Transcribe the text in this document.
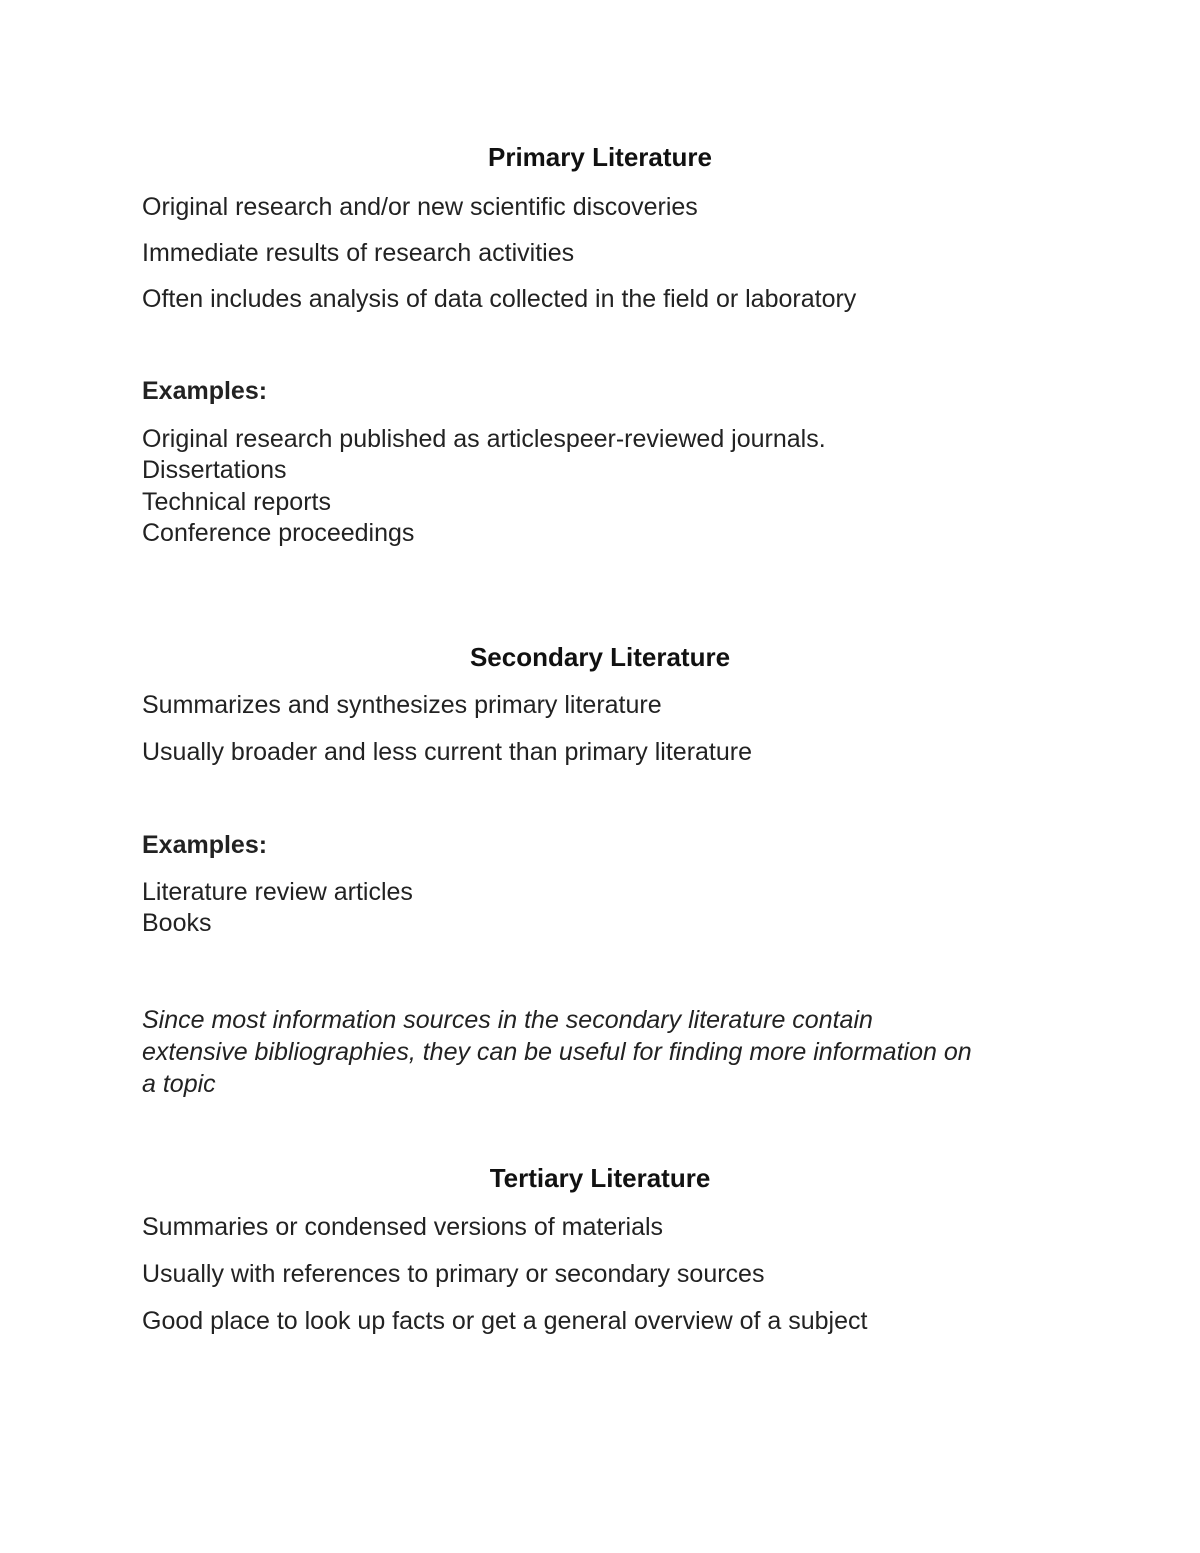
Primary Literature
Original research and/or new scientific discoveries
Immediate results of research activities
Often includes analysis of data collected in the field or laboratory
Examples:
Original research published as articlespeer-reviewed journals.
Dissertations
Technical reports
Conference proceedings
Secondary Literature
Summarizes and synthesizes primary literature
Usually broader and less current than primary literature
Examples:
Literature review articles
Books
Since most information sources in the secondary literature contain
extensive bibliographies, they can be useful for finding more information on
a topic
Tertiary Literature
Summaries or condensed versions of materials
Usually with references to primary or secondary sources
Good place to look up facts or get a general overview of a subject
